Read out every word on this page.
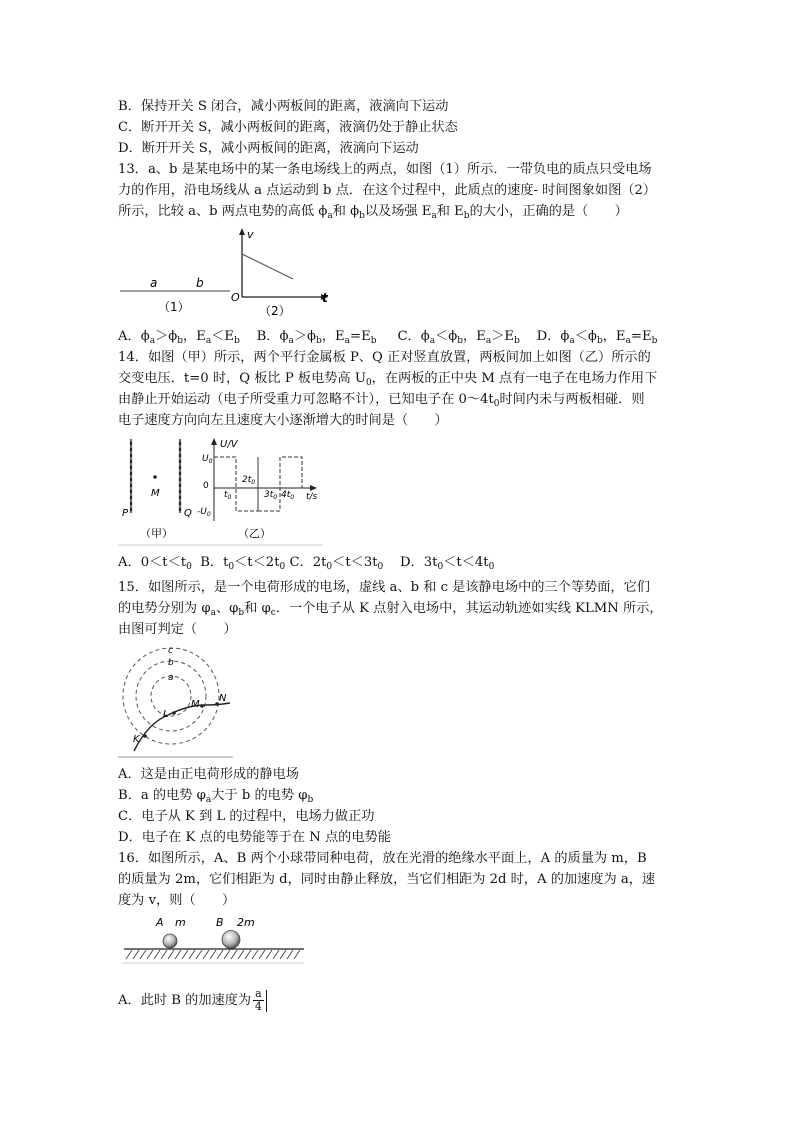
B．保持开关 S 闭合，减小两板间的距离，液滴向下运动
C．断开开关 S，减小两板间的距离，液滴仍处于静止状态
D．断开开关 S，减小两板间的距离，液滴向下运动
13．a、b 是某电场中的某一条电场线上的两点，如图（1）所示．一带负电的质点只受电场
力的作用，沿电场线从 a 点运动到 b 点．在这个过程中，此质点的速度- 时间图象如图（2）
所示，比较 a、b 两点电势的高低 $\phi_a$和 $\phi_b$以及场强 $E_a$和 $E_b$的大小，正确的是（　　）
a	b
（1）
v
O	t
（2）
A．$\phi_a>\phi_b$，$E_a<E_b$ B．$\phi_a>\phi_b$，$E_a=E_b$ C．$\phi_a<\phi_b$，$E_a>E_b$ D．$\phi_a<\phi_b$，$E_a=E_b$
14．如图（甲）所示，两个平行金属板 P、Q 正对竖直放置，两板间加上如图（乙）所示的
交变电压．t=0 时，Q 板比 P 板电势高 $U_0$，在两板的正中央 M 点有一电子在电场力作用下
由静止开始运动（电子所受重力可忽略不计），已知电子在 $0\sim 4t_0$时间内未与两板相碰．则
电子速度方向向左且速度大小逐渐增大的时间是（　　）
P
M
Q
（甲）
U/V
$U_0$
0
$-U_0$
$t_0$
$2t_0$
$3t_0$ $4t_0$ t/s
（乙）
A．$0<t<t_0$ B．$t_0<t<2t_0$ C．$2t_0<t<3t_0$ D．$3t_0<t<4t_0$
15．如图所示，是一个电荷形成的电场，虚线 a、b 和 c 是该静电场中的三个等势面，它们
的电势分别为 $\varphi_a$、$\varphi_b$和 $\varphi_c$．一个电子从 K 点射入电场中，其运动轨迹如实线 KLMN 所示，
由图可判定（　　）
c
b
a
K
L
M
N
A．这是由正电荷形成的静电场
B．a 的电势 $\varphi_a$大于 b 的电势 $\varphi_b$
C．电子从 K 到 L 的过程中，电场力做正功
D．电子在 K 点的电势能等于在 N 点的电势能
16．如图所示，A、B 两个小球带同种电荷，放在光滑的绝缘水平面上，A 的质量为 m，B
的质量为 2m，它们相距为 d，同时由静止释放，当它们相距为 2d 时，A 的加速度为 a，速
度为 v，则（　　）
A m	B 2m
A．此时 B 的加速度为 $\frac{a}{4}$
